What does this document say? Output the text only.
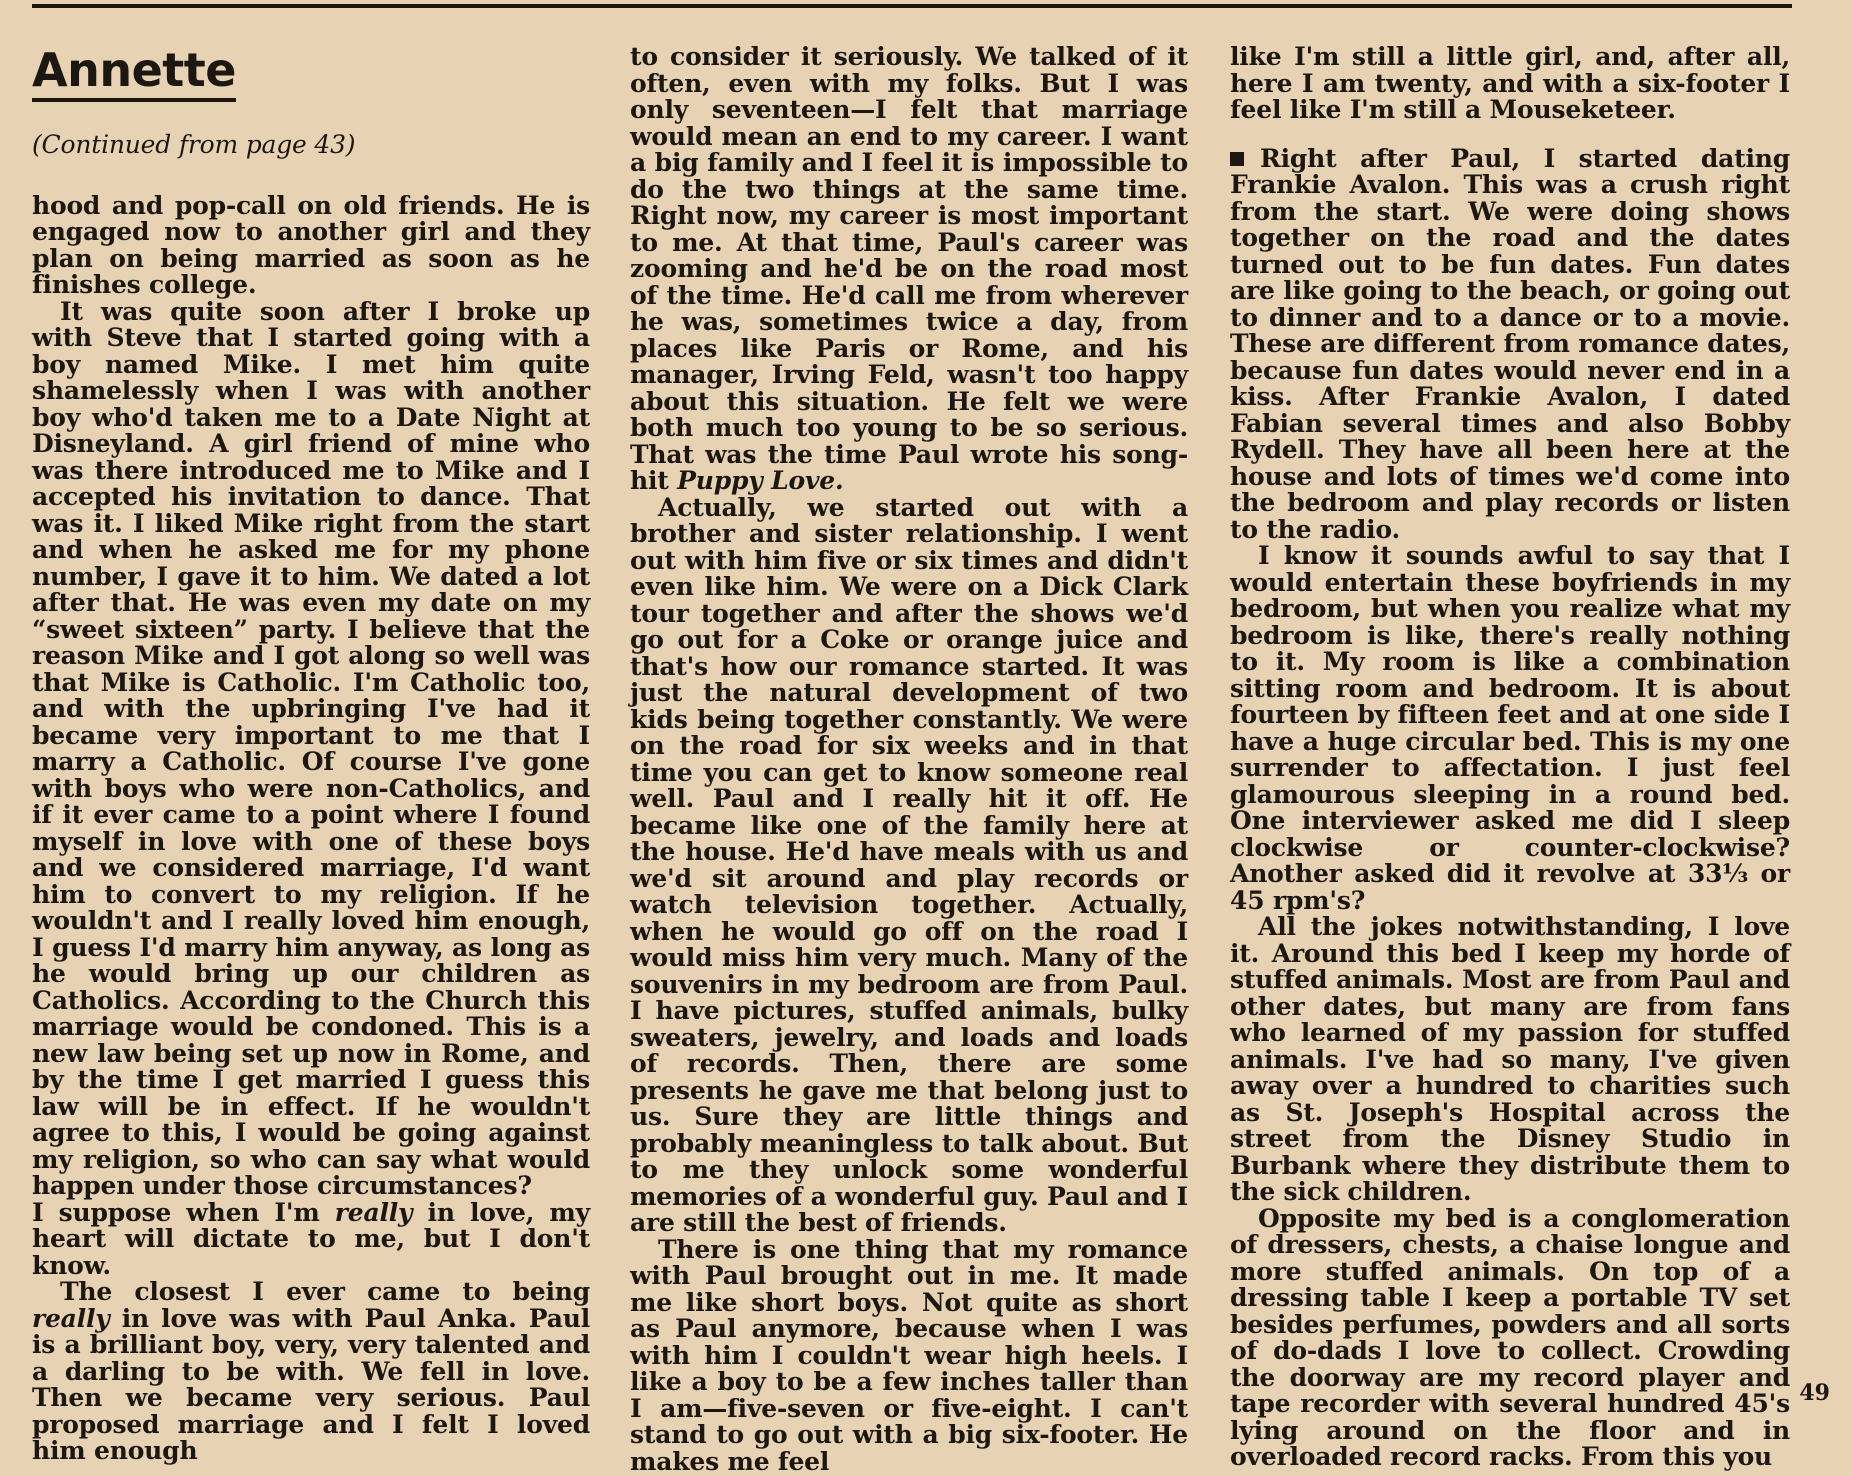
Annette
(Continued from page 43)

hood and pop-call on old friends. He is engaged now to another girl and they plan on being married as soon as he finishes college.

It was quite soon after I broke up with Steve that I started going with a boy named Mike. I met him quite shamelessly when I was with another boy who'd taken me to a Date Night at Disneyland. A girl friend of mine who was there introduced me to Mike and I accepted his invitation to dance. That was it. I liked Mike right from the start and when he asked me for my phone number, I gave it to him. We dated a lot after that. He was even my date on my “sweet sixteen” party. I believe that the reason Mike and I got along so well was that Mike is Catholic. I'm Catholic too, and with the upbringing I've had it became very important to me that I marry a Catholic. Of course I've gone with boys who were non-Catholics, and if it ever came to a point where I found myself in love with one of these boys and we considered marriage, I'd want him to convert to my religion. If he wouldn't and I really loved him enough, I guess I'd marry him anyway, as long as he would bring up our children as Catholics. According to the Church this marriage would be condoned. This is a new law being set up now in Rome, and by the time I get married I guess this law will be in effect. If he wouldn't agree to this, I would be going against my religion, so who can say what would happen under those circumstances?

I suppose when I'm really in love, my heart will dictate to me, but I don't know.

The closest I ever came to being really in love was with Paul Anka. Paul is a brilliant boy, very, very talented and a darling to be with. We fell in love. Then we became very serious. Paul proposed marriage and I felt I loved him enough

to consider it seriously. We talked of it often, even with my folks. But I was only seventeen—I felt that marriage would mean an end to my career. I want a big family and I feel it is impossible to do the two things at the same time. Right now, my career is most important to me. At that time, Paul's career was zooming and he'd be on the road most of the time. He'd call me from wherever he was, sometimes twice a day, from places like Paris or Rome, and his manager, Irving Feld, wasn't too happy about this situation. He felt we were both much too young to be so serious. That was the time Paul wrote his song-hit Puppy Love.

Actually, we started out with a brother and sister relationship. I went out with him five or six times and didn't even like him. We were on a Dick Clark tour together and after the shows we'd go out for a Coke or orange juice and that's how our romance started. It was just the natural development of two kids being together constantly. We were on the road for six weeks and in that time you can get to know someone real well. Paul and I really hit it off. He became like one of the family here at the house. He'd have meals with us and we'd sit around and play records or watch television together. Actually, when he would go off on the road I would miss him very much. Many of the souvenirs in my bedroom are from Paul. I have pictures, stuffed animals, bulky sweaters, jewelry, and loads and loads of records. Then, there are some presents he gave me that belong just to us. Sure they are little things and probably meaningless to talk about. But to me they unlock some wonderful memories of a wonderful guy. Paul and I are still the best of friends.

There is one thing that my romance with Paul brought out in me. It made me like short boys. Not quite as short as Paul anymore, because when I was with him I couldn't wear high heels. I like a boy to be a few inches taller than I am—five-seven or five-eight. I can't stand to go out with a big six-footer. He makes me feel

like I'm still a little girl, and, after all, here I am twenty, and with a six-footer I feel like I'm still a Mouseketeer.

Right after Paul, I started dating Frankie Avalon. This was a crush right from the start. We were doing shows together on the road and the dates turned out to be fun dates. Fun dates are like going to the beach, or going out to dinner and to a dance or to a movie. These are different from romance dates, because fun dates would never end in a kiss. After Frankie Avalon, I dated Fabian several times and also Bobby Rydell. They have all been here at the house and lots of times we'd come into the bedroom and play records or listen to the radio.

I know it sounds awful to say that I would entertain these boyfriends in my bedroom, but when you realize what my bedroom is like, there's really nothing to it. My room is like a combination sitting room and bedroom. It is about fourteen by fifteen feet and at one side I have a huge circular bed. This is my one surrender to affectation. I just feel glamourous sleeping in a round bed. One interviewer asked me did I sleep clockwise or counter-clockwise? Another asked did it revolve at 33⅓ or 45 rpm's?

All the jokes notwithstanding, I love it. Around this bed I keep my horde of stuffed animals. Most are from Paul and other dates, but many are from fans who learned of my passion for stuffed animals. I've had so many, I've given away over a hundred to charities such as St. Joseph's Hospital across the street from the Disney Studio in Burbank where they distribute them to the sick children.

Opposite my bed is a conglomeration of dressers, chests, a chaise longue and more stuffed animals. On top of a dressing table I keep a portable TV set besides perfumes, powders and all sorts of do-dads I love to collect. Crowding the doorway are my record player and tape recorder with several hundred 45's lying around on the floor and in overloaded record racks. From this you

49
